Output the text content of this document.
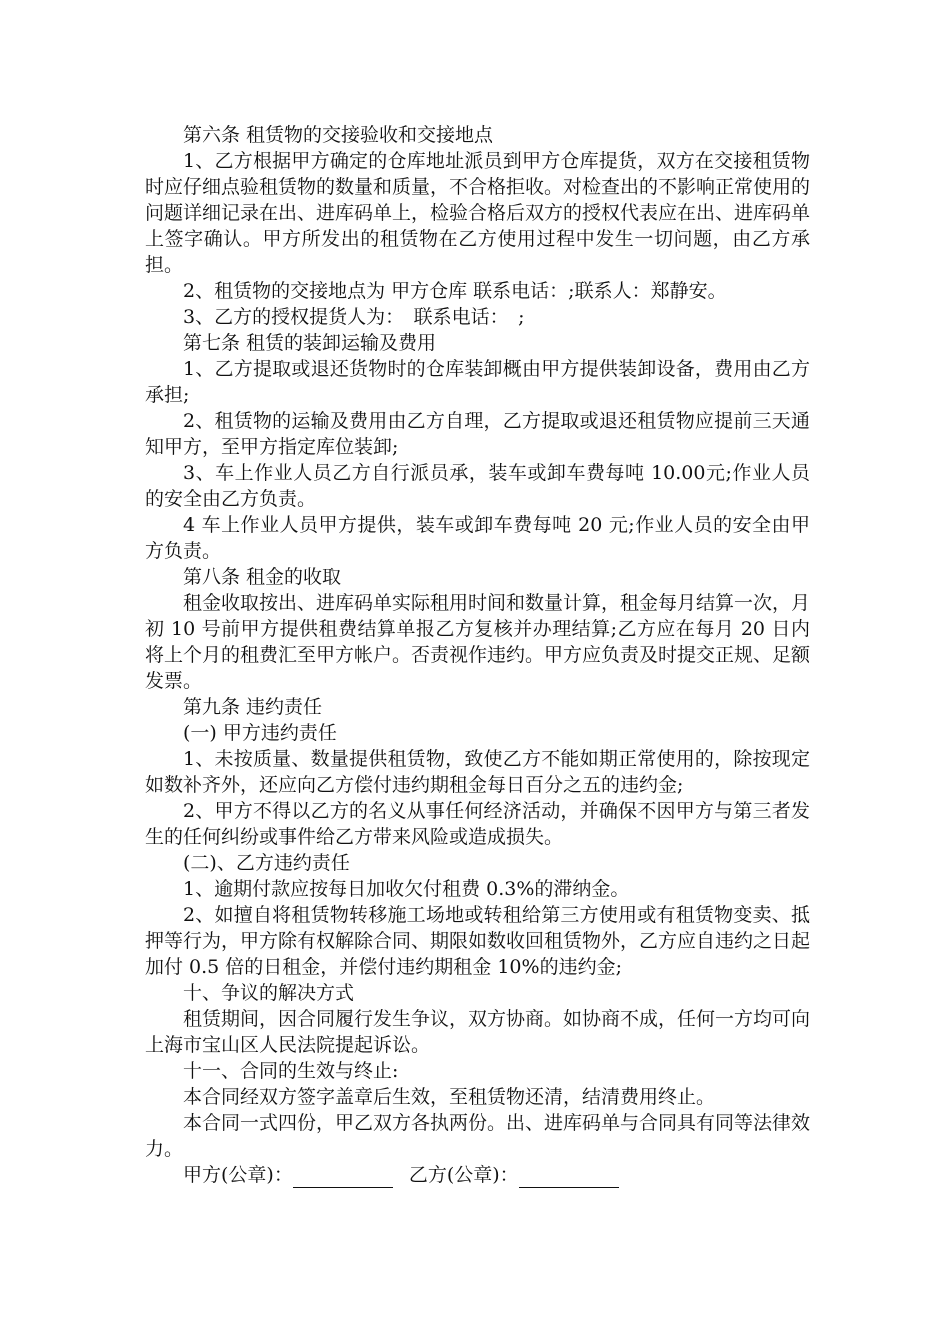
第六条 租赁物的交接验收和交接地点

1、乙方根据甲方确定的仓库地址派员到甲方仓库提货，双方在交接租赁物时应仔细点验租赁物的数量和质量，不合格拒收。对检查出的不影响正常使用的问题详细记录在出、进库码单上，检验合格后双方的授权代表应在出、进库码单上签字确认。甲方所发出的租赁物在乙方使用过程中发生一切问题，由乙方承担。

2、租赁物的交接地点为 甲方仓库 联系电话：;联系人：郑静安。

3、乙方的授权提货人为：　联系电话：　;

第七条 租赁的装卸运输及费用

1、乙方提取或退还货物时的仓库装卸概由甲方提供装卸设备，费用由乙方承担;

2、租赁物的运输及费用由乙方自理，乙方提取或退还租赁物应提前三天通知甲方，至甲方指定库位装卸;

3、车上作业人员乙方自行派员承，装车或卸车费每吨 10.00元;作业人员的安全由乙方负责。

4 车上作业人员甲方提供，装车或卸车费每吨 20 元;作业人员的安全由甲方负责。

第八条 租金的收取

租金收取按出、进库码单实际租用时间和数量计算，租金每月结算一次，月初 10 号前甲方提供租费结算单报乙方复核并办理结算;乙方应在每月 20 日内将上个月的租费汇至甲方帐户。否责视作违约。甲方应负责及时提交正规、足额发票。

第九条 违约责任

(一) 甲方违约责任

1、未按质量、数量提供租赁物，致使乙方不能如期正常使用的，除按现定如数补齐外，还应向乙方偿付违约期租金每日百分之五的违约金;

2、甲方不得以乙方的名义从事任何经济活动，并确保不因甲方与第三者发生的任何纠纷或事件给乙方带来风险或造成损失。

(二)、乙方违约责任

1、逾期付款应按每日加收欠付租费 0.3%的滞纳金。

2、如擅自将租赁物转移施工场地或转租给第三方使用或有租赁物变卖、抵押等行为，甲方除有权解除合同、期限如数收回租赁物外，乙方应自违约之日起加付 0.5 倍的日租金，并偿付违约期租金 10%的违约金;

十、争议的解决方式

租赁期间，因合同履行发生争议，双方协商。如协商不成，任何一方均可向上海市宝山区人民法院提起诉讼。

十一、合同的生效与终止:

本合同经双方签字盖章后生效，至租赁物还清，结清费用终止。

本合同一式四份，甲乙双方各执两份。出、进库码单与合同具有同等法律效力。

甲方(公章)：	乙方(公章)：
